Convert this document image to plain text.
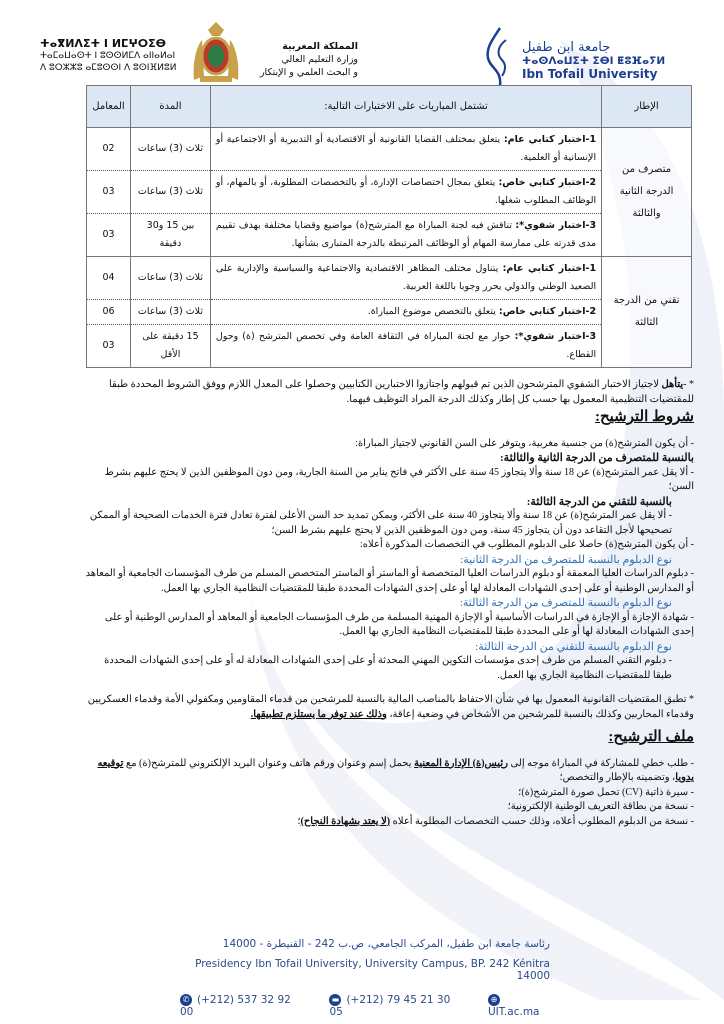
ⵜⴰⴳⵍⴷⵉⵜ ⵏ ⵍⵎⵖⵔⵉⴱ
ⵜⴰⵎⴰⵡⴰⵙⵜ ⵏ ⵓⵙⵙⵍⵎⴷ ⴰⵏⵏⴰⵍⴰⵏ
ⴷ ⵓⵔⵣⵣⵓ ⴰⵎⵓⵙⵙⵏ ⴷ ⵓⵙⵏⴼⵍⵓⵍ
المملكة المغربية
وزارة التعليم العالي
و البحث العلمي و الإبتكار
جامعة ابن طفيل
ⵜⴰⵙⴷⴰⵡⵉⵜ ⵉⴱⵏ ⵟⵓⴼⴰⵢⵍ
Ibn Tofail University
الإطار	تشتمل المباريات على الاختبارات التالية:	المدة	المعامل
متصرف من الدرجة الثانية والثالثة	1-اختبار كتابي عام: يتعلق بمختلف القضايا القانونية أو الاقتصادية أو التدبيرية أو الاجتماعية أو الإنسانية أو العلمية.	ثلاث (3) ساعات	02
	2-اختبار كتابي خاص: يتعلق بمجال اختصاصات الإدارة، أو بالتخصصات المطلوبة، أو بالمهام، أو الوظائف المطلوب شغلها.	ثلاث (3) ساعات	03
	3-اختبار شفوي*: تناقش فيه لجنة المباراة مع المترشح(ة) مواضيع وقضايا مختلفة بهدف تقييم مدى قدرته على ممارسة المهام أو الوظائف المرتبطة بالدرجة المتبارى بشأنها.	بين 15 و30 دقيقة	03
تقني من الدرجة الثالثة	1-اختبار كتابي عام: يتناول مختلف المظاهر الاقتصادية والاجتماعية والسياسية والإدارية على الصعيد الوطني والدولي يحرر وجوبا باللغة العربية.	ثلاث (3) ساعات	04
	2-اختبار كتابي خاص: يتعلق بالتخصص موضوع المباراة.	ثلاث (3) ساعات	06
	3-اختبار شفوي*: حوار مع لجنة المباراة في الثقافة العامة وفي تخصص المترشح (ة) وحول القطاع.	15 دقيقة على الأقل	03

* -يتأهل لاجتياز الاختبار الشفوي المترشحون الذين تم قبولهم واجتازوا الاختبارين الكتابيين وحصلوا على المعدل اللازم ووفق الشروط المحددة طبقا للمقتضيات التنظيمية المعمول بها حسب كل إطار وكذلك الدرجة المراد التوظيف فيهما.

شروط الترشيح:

- أن يكون المترشح(ة) من جنسية مغربية، ويتوفر على السن القانوني لاجتياز المباراة:

بالنسبة للمتصرف من الدرجة الثانية والثالثة:

- ألا يقل عمر المترشح(ة) عن 18 سنة وألا يتجاوز 45 سنة على الأكثر في فاتح يناير من السنة الجارية، ومن دون الموظفين الذين لا يحتج عليهم بشرط السن؛

بالنسبة للتقني من الدرجة الثالثة:

- ألا يقل عمر المترشح(ة) عن 18 سنة وألا يتجاوز 40 سنة على الأكثر، ويمكن تمديد حد السن الأعلى لفترة تعادل فترة الخدمات الصحيحة أو الممكن تصحيحها لأجل التقاعد دون أن يتجاوز 45 سنة، ومن دون الموظفين الذين لا يحتج عليهم بشرط السن؛

- أن يكون المترشح(ة) حاصلا على الدبلوم المطلوب في التخصصات المذكورة أعلاه:

نوع الدبلوم بالنسبة للمتصرف من الدرجة الثانية:

- دبلوم الدراسات العليا المعمقة أو دبلوم الدراسات العليا المتخصصة أو الماستر أو الماستر المتخصص المسلم من طرف المؤسسات الجامعية أو المعاهد أو المدارس الوطنية أو على إحدى الشهادات المعادلة لها أو على إحدى الشهادات المحددة طبقا للمقتضيات النظامية الجاري بها العمل.

نوع الدبلوم بالنسبة للمتصرف من الدرجة الثالثة:

- شهادة الإجازة أو الإجازة في الدراسات الأساسية أو الإجازة المهنية المسلمة من طرف المؤسسات الجامعية أو المعاهد أو المدارس الوطنية أو على إحدى الشهادات المعادلة لها أو على المحددة طبقا للمقتضيات النظامية الجاري بها العمل.

نوع الدبلوم بالنسبة للتقني من الدرجة الثالثة:

- دبلوم التقني المسلم من طرف إحدى مؤسسات التكوين المهني المحدثة أو على إحدى الشهادات المعادلة له أو على إحدى الشهادات المحددة طبقا للمقتضيات النظامية الجاري بها العمل.

* تطبق المقتضيات القانونية المعمول بها في شأن الاحتفاظ بالمناصب المالية بالنسبة للمرشحين من قدماء المقاومين ومكفولي الأمة وقدماء العسكريين وقدماء المحاربين وكذلك بالنسبة للمرشحين من الأشخاص في وضعية إعاقة، وذلك عند توفر ما يستلزم تطبيقها.

ملف الترشيح:

- طلب خطي للمشاركة في المباراة موجه إلى رئيس(ة) الإدارة المعنية يحمل إسم وعنوان ورقم هاتف وعنوان البريد الإلكتروني للمترشح(ة) مع توقيعه يدويا، وتضمينه بالإطار والتخصص؛

- سيرة ذاتية (CV) تحمل صورة المترشح(ة)؛

- نسخة من بطاقة التعريف الوطنية الإلكترونية؛

- نسخة من الدبلوم المطلوب أعلاه، وذلك حسب التخصصات المطلوبة أعلاه (لا يعتد بشهادة النجاح)؛

رئاسة جامعة ابن طفيل، المركب الجامعي، ص.ب 242 - القنيطرة - 14000
Presidency Ibn Tofail University, University Campus, BP. 242 Kénitra 14000
✆ (+212) 537 32 92 00
▬ (+212) 79 45 21 30 05
⊕UIT.ac.ma
